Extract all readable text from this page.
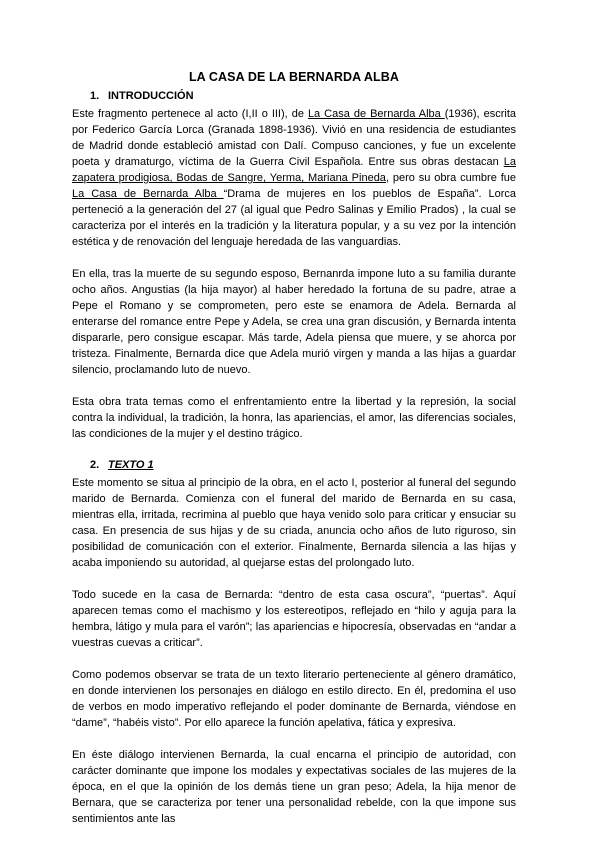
LA CASA DE LA BERNARDA ALBA
1. INTRODUCCIÓN

Este fragmento pertenece al acto (I,II o III), de La Casa de Bernarda Alba (1936), escrita por Federico García Lorca (Granada 1898-1936). Vivió en una residencia de estudiantes de Madrid donde estableció amistad con Dalí. Compuso canciones, y fue un excelente poeta y dramaturgo, víctima de la Guerra Civil Española. Entre sus obras destacan La zapatera prodigiosa, Bodas de Sangre, Yerma, Mariana Pineda, pero su obra cumbre fue La Casa de Bernarda Alba “Drama de mujeres en los pueblos de España”. Lorca perteneció a la generación del 27 (al igual que Pedro Salinas y Emilio Prados) , la cual se caracteriza por el interés en la tradición y la literatura popular, y a su vez por la intención estética y de renovación del lenguaje heredada de las vanguardias.

En ella, tras la muerte de su segundo esposo, Bernanrda impone luto a su familia durante ocho años. Angustias (la hija mayor) al haber heredado la fortuna de su padre, atrae a Pepe el Romano y se comprometen, pero este se enamora de Adela. Bernarda al enterarse del romance entre Pepe y Adela, se crea una gran discusión, y Bernarda intenta dispararle, pero consigue escapar. Más tarde, Adela piensa que muere, y se ahorca por tristeza. Finalmente, Bernarda dice que Adela murió virgen y manda a las hijas a guardar silencio, proclamando luto de nuevo.

Esta obra trata temas como el enfrentamiento entre la libertad y la represión, la social contra la individual, la tradición, la honra, las apariencias, el amor, las diferencias sociales, las condiciones de la mujer y el destino trágico.

2. TEXTO 1

Este momento se situa al principio de la obra, en el acto I, posterior al funeral del segundo marido de Bernarda. Comienza con el funeral del marido de Bernarda en su casa, mientras ella, irritada, recrimina al pueblo que haya venido solo para criticar y ensuciar su casa. En presencia de sus hijas y de su criada, anuncia ocho años de luto riguroso, sin posibilidad de comunicación con el exterior. Finalmente, Bernarda silencia a las hijas y acaba imponiendo su autoridad, al quejarse estas del prolongado luto.

Todo sucede en la casa de Bernarda: “dentro de esta casa oscura”, “puertas”. Aquí aparecen temas como el machismo y los estereotipos, reflejado en “hilo y aguja para la hembra, látigo y mula para el varón”; las apariencias e hipocresía, observadas en “andar a vuestras cuevas a criticar”.

Como podemos observar se trata de un texto literario perteneciente al género dramático, en donde intervienen los personajes en diálogo en estilo directo. En él, predomina el uso de verbos en modo imperativo reflejando el poder dominante de Bernarda, viéndose en “dame”, “habéis visto”. Por ello aparece la función apelativa, fática y expresiva.

En éste diálogo intervienen Bernarda, la cual encarna el principio de autoridad, con carácter dominante que impone los modales y expectativas sociales de las mujeres de la época, en el que la opinión de los demás tiene un gran peso; Adela, la hija menor de Bernara, que se caracteriza por tener una personalidad rebelde, con la que impone sus sentimientos ante las
